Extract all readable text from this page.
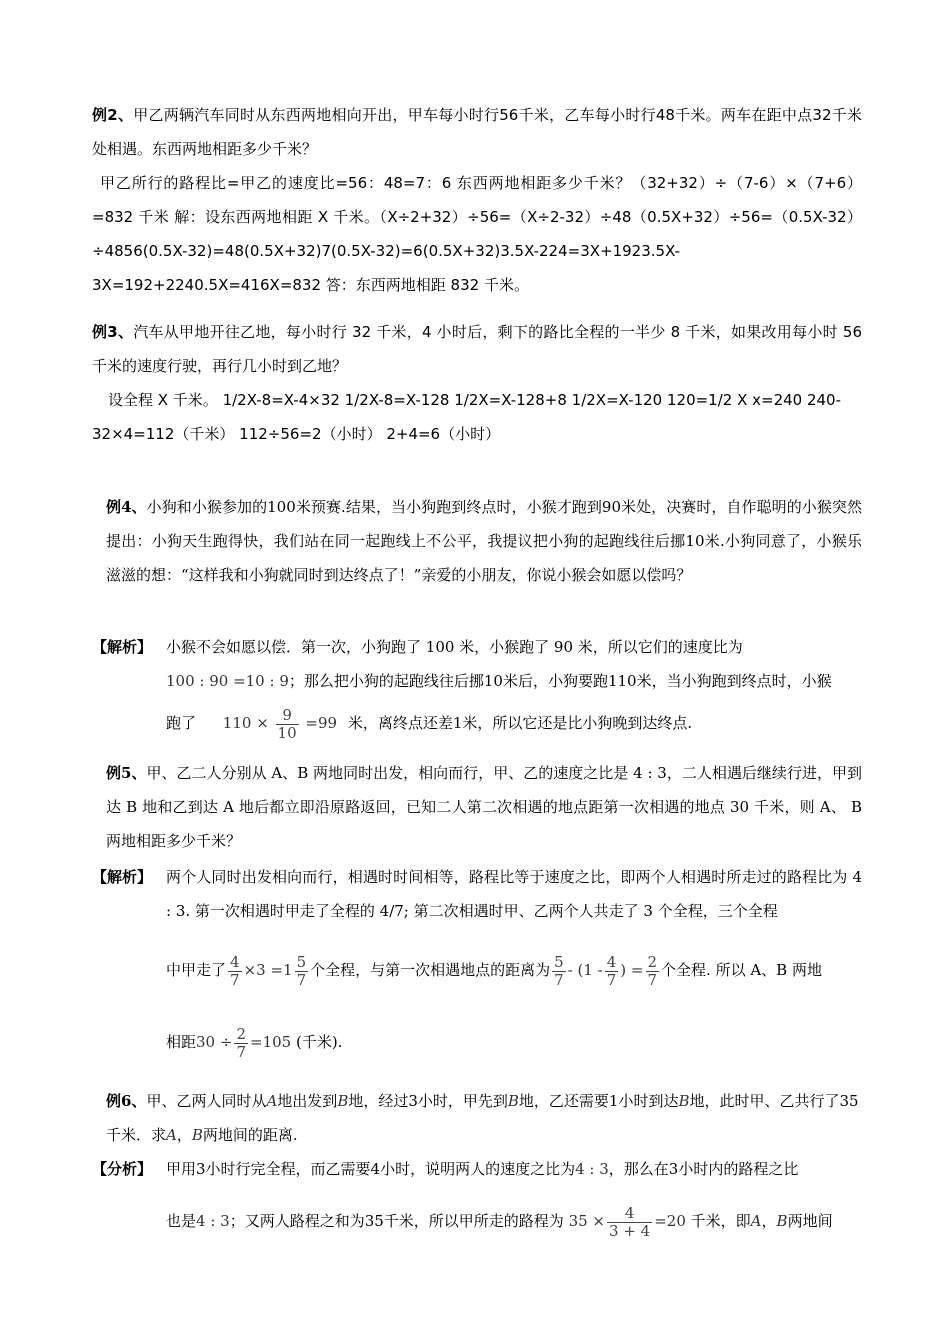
例2、甲乙两辆汽车同时从东西两地相向开出，甲车每小时行56千米，乙车每小时行48千米。两车在距中点32千米处相遇。东西两地相距多少千米？
甲乙所行的路程比=甲乙的速度比=56：48=7：6 东西两地相距多少千米？（32+32）÷（7-6）×（7+6）=832 千米 解：设东西两地相距 X 千米。（X÷2+32）÷56=（X÷2-32）÷48（0.5X+32）÷56=（0.5X-32）÷4856(0.5X-32)=48(0.5X+32)7(0.5X-32)=6(0.5X+32)3.5X-224=3X+1923.5X-3X=192+2240.5X=416X=832 答：东西两地相距 832 千米。
例3、汽车从甲地开往乙地，每小时行 32 千米，4 小时后，剩下的路比全程的一半少 8 千米，如果改用每小时 56 千米的速度行驶，再行几小时到乙地？
设全程 X 千米。 1/2X-8=X-4×32 1/2X-8=X-128 1/2X=X-128+8 1/2X=X-120 120=1/2 X x=240 240-32×4=112（千米） 112÷56=2（小时） 2+4=6（小时）
例4、小狗和小猴参加的100米预赛.结果，当小狗跑到终点时，小猴才跑到90米处，决赛时，自作聪明的小猴突然提出：小狗天生跑得快，我们站在同一起跑线上不公平，我提议把小狗的起跑线往后挪10米.小狗同意了，小猴乐滋滋的想：“这样我和小狗就同时到达终点了！”亲爱的小朋友，你说小猴会如愿以偿吗？
【解析】 小猴不会如愿以偿．第一次，小狗跑了 100 米，小猴跑了 90 米，所以它们的速度比为
100 : 90 =10 : 9；那么把小狗的起跑线往后挪10米后，小狗要跑110米，当小狗跑到终点时，小猴
跑了 $110 \times \frac{9}{10} =99$ 米，离终点还差1米，所以它还是比小狗晚到达终点.
例5、甲、乙二人分别从 A、B 两地同时出发，相向而行，甲、乙的速度之比是 4 : 3，二人相遇后继续行进，甲到达 B 地和乙到达 A 地后都立即沿原路返回，已知二人第二次相遇的地点距第一次相遇的地点 30 千米，则 A、 B 两地相距多少千米？
【解析】 两个人同时出发相向而行，相遇时时间相等，路程比等于速度之比，即两个人相遇时所走过的路程比为 4 : 3. 第一次相遇时甲走了全程的 4/7; 第二次相遇时甲、乙两个人共走了 3 个全程，三个全程
中甲走了 $\frac{4}{7} \times 3 =1 \frac{5}{7}$ 个全程，与第一次相遇地点的距离为 $\frac{5}{7} - (1 - \frac{4}{7}$ ) = $\frac{2}{7}$ 个全程. 所以 A、B 两地
相距$30 \div \frac{2}{7} =105$ (千米).
例6、甲、乙两人同时从A地出发到B地，经过3小时，甲先到B地，乙还需要1小时到达B地，此时甲、乙共行了35千米．求A，B两地间的距离.
【分析】 甲用3小时行完全程，而乙需要4小时，说明两人的速度之比为4 : 3，那么在3小时内的路程之比
也是4 : 3；又两人路程之和为35千米，所以甲所走的路程为 $35 \times \frac{4}{3 + 4} =20$ 千米，即A，B两地间
